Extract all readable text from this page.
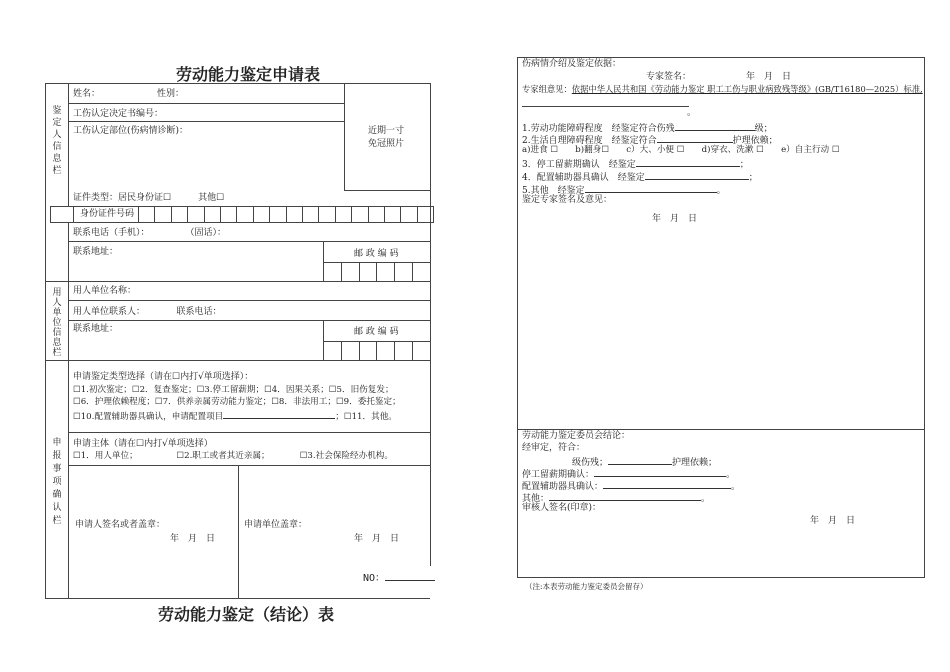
劳动能力鉴定申请表
鉴定人信息栏
用人单位信息栏
申报事项确认栏
姓名：	性别：
工伤认定决定书编号：
工伤认定部位(伤病情诊断)：	近期一寸
免冠照片
证件类型：居民身份证☐　　　其他☐
身份证件号码
联系电话（手机）：　　　　　（固话）：
联系地址：	邮 政 编 码
用人单位名称：
用人单位联系人：　　　　联系电话：
联系地址：	邮 政 编 码
申请鉴定类型选择（请在☐内打√单项选择）：
☐1.初次鉴定；☐2．复查鉴定；☐3.停工留薪期；☐4．因果关系；☐5．旧伤复发；
☐6．护理依赖程度；☐7．供养亲属劳动能力鉴定；☐8．非法用工；☐9．委托鉴定；
☐10.配置辅助器具确认，申请配置项目	；☐11．其他。
申请主体（请在☐内打√单项选择）
☐1．用人单位；　　　　　☐2.职工或者其近亲属；　　　　☐3.社会保险经办机构。
申请人签名或者盖章：
年　月　日
申请单位盖章：
年　月　日
NO：
劳动能力鉴定（结论）表
伤病情介绍及鉴定依据：
专家签名：	年　月　日
专家组意见：依据中华人民共和国《劳动能力鉴定 职工工伤与职业病致残等级》(GB/T16180—2025）标准,
。
1.劳动功能障碍程度　经鉴定符合伤残	级；
2.生活自理障碍程度　经鉴定符合	护理依赖；
a)进食 ☐　　b)翻身☐　　c）大、小便 ☐　　d)穿衣、洗漱 ☐　　e）自主行动 ☐
3．停工留薪期确认　经鉴定	；
4．配置辅助器具确认　经鉴定	；
5.其他　经鉴定	。
鉴定专家签名及意见：
年　月　日
劳动能力鉴定委员会结论：
经审定，符合：
级伤残；	护理依赖；
停工留薪期确认：	。
配置辅助器具确认：	。
其他：	。
审核人签名(印章)：
年　月　日
（注:本表劳动能力鉴定委员会留存）
